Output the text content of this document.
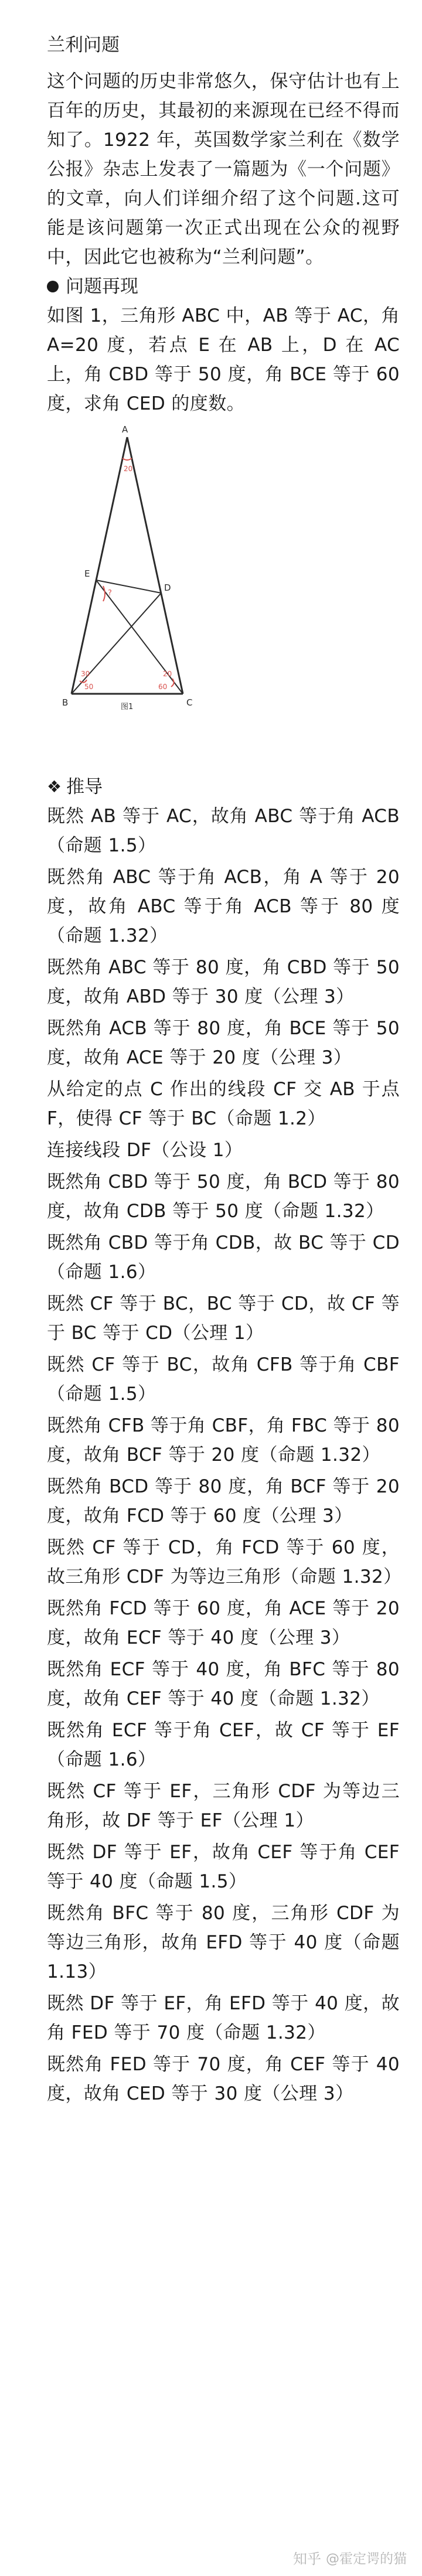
兰利问题

这个问题的历史非常悠久，保守估计也有上百年的历史，其最初的来源现在已经不得而知了。1922 年，英国数学家兰利在《数学公报》杂志上发表了一篇题为《一个问题》的文章，向人们详细介绍了这个问题.这可能是该问题第一次正式出现在公众的视野中，因此它也被称为“兰利问题”。

问题再现

如图 1，三角形 ABC 中，AB 等于 AC，角 A=20 度，若点 E 在 AB 上，D 在 AC 上，角 CBD 等于 50 度，角 BCE 等于 60 度，求角 CED 的度数。

A
B	C
D
E
20
?
30
50
20
60
图1

❖ 推导

既然 AB 等于 AC，故角 ABC 等于角 ACB（命题 1.5）

既然角 ABC 等于角 ACB，角 A 等于 20 度，故角 ABC 等于角 ACB 等于 80 度（命题 1.32）

既然角 ABC 等于 80 度，角 CBD 等于 50 度，故角 ABD 等于 30 度（公理 3）

既然角 ACB 等于 80 度，角 BCE 等于 50 度，故角 ACE 等于 20 度（公理 3）

从给定的点 C 作出的线段 CF 交 AB 于点 F，使得 CF 等于 BC（命题 1.2）

连接线段 DF（公设 1）

既然角 CBD 等于 50 度，角 BCD 等于 80 度，故角 CDB 等于 50 度（命题 1.32）

既然角 CBD 等于角 CDB，故 BC 等于 CD（命题 1.6）

既然 CF 等于 BC，BC 等于 CD，故 CF 等于 BC 等于 CD（公理 1）

既然 CF 等于 BC，故角 CFB 等于角 CBF（命题 1.5）

既然角 CFB 等于角 CBF，角 FBC 等于 80 度，故角 BCF 等于 20 度（命题 1.32）

既然角 BCD 等于 80 度，角 BCF 等于 20 度，故角 FCD 等于 60 度（公理 3）

既然 CF 等于 CD，角 FCD 等于 60 度，故三角形 CDF 为等边三角形（命题 1.32）

既然角 FCD 等于 60 度，角 ACE 等于 20 度，故角 ECF 等于 40 度（公理 3）

既然角 ECF 等于 40 度，角 BFC 等于 80 度，故角 CEF 等于 40 度（命题 1.32）

既然角 ECF 等于角 CEF，故 CF 等于 EF（命题 1.6）

既然 CF 等于 EF，三角形 CDF 为等边三角形，故 DF 等于 EF（公理 1）

既然 DF 等于 EF，故角 CEF 等于角 CEF 等于 40 度（命题 1.5）

既然角 BFC 等于 80 度，三角形 CDF 为等边三角形，故角 EFD 等于 40 度（命题 1.13）

既然 DF 等于 EF，角 EFD 等于 40 度，故角 FED 等于 70 度（命题 1.32）

既然角 FED 等于 70 度，角 CEF 等于 40 度，故角 CED 等于 30 度（公理 3）

知乎 @霍定谔的猫
